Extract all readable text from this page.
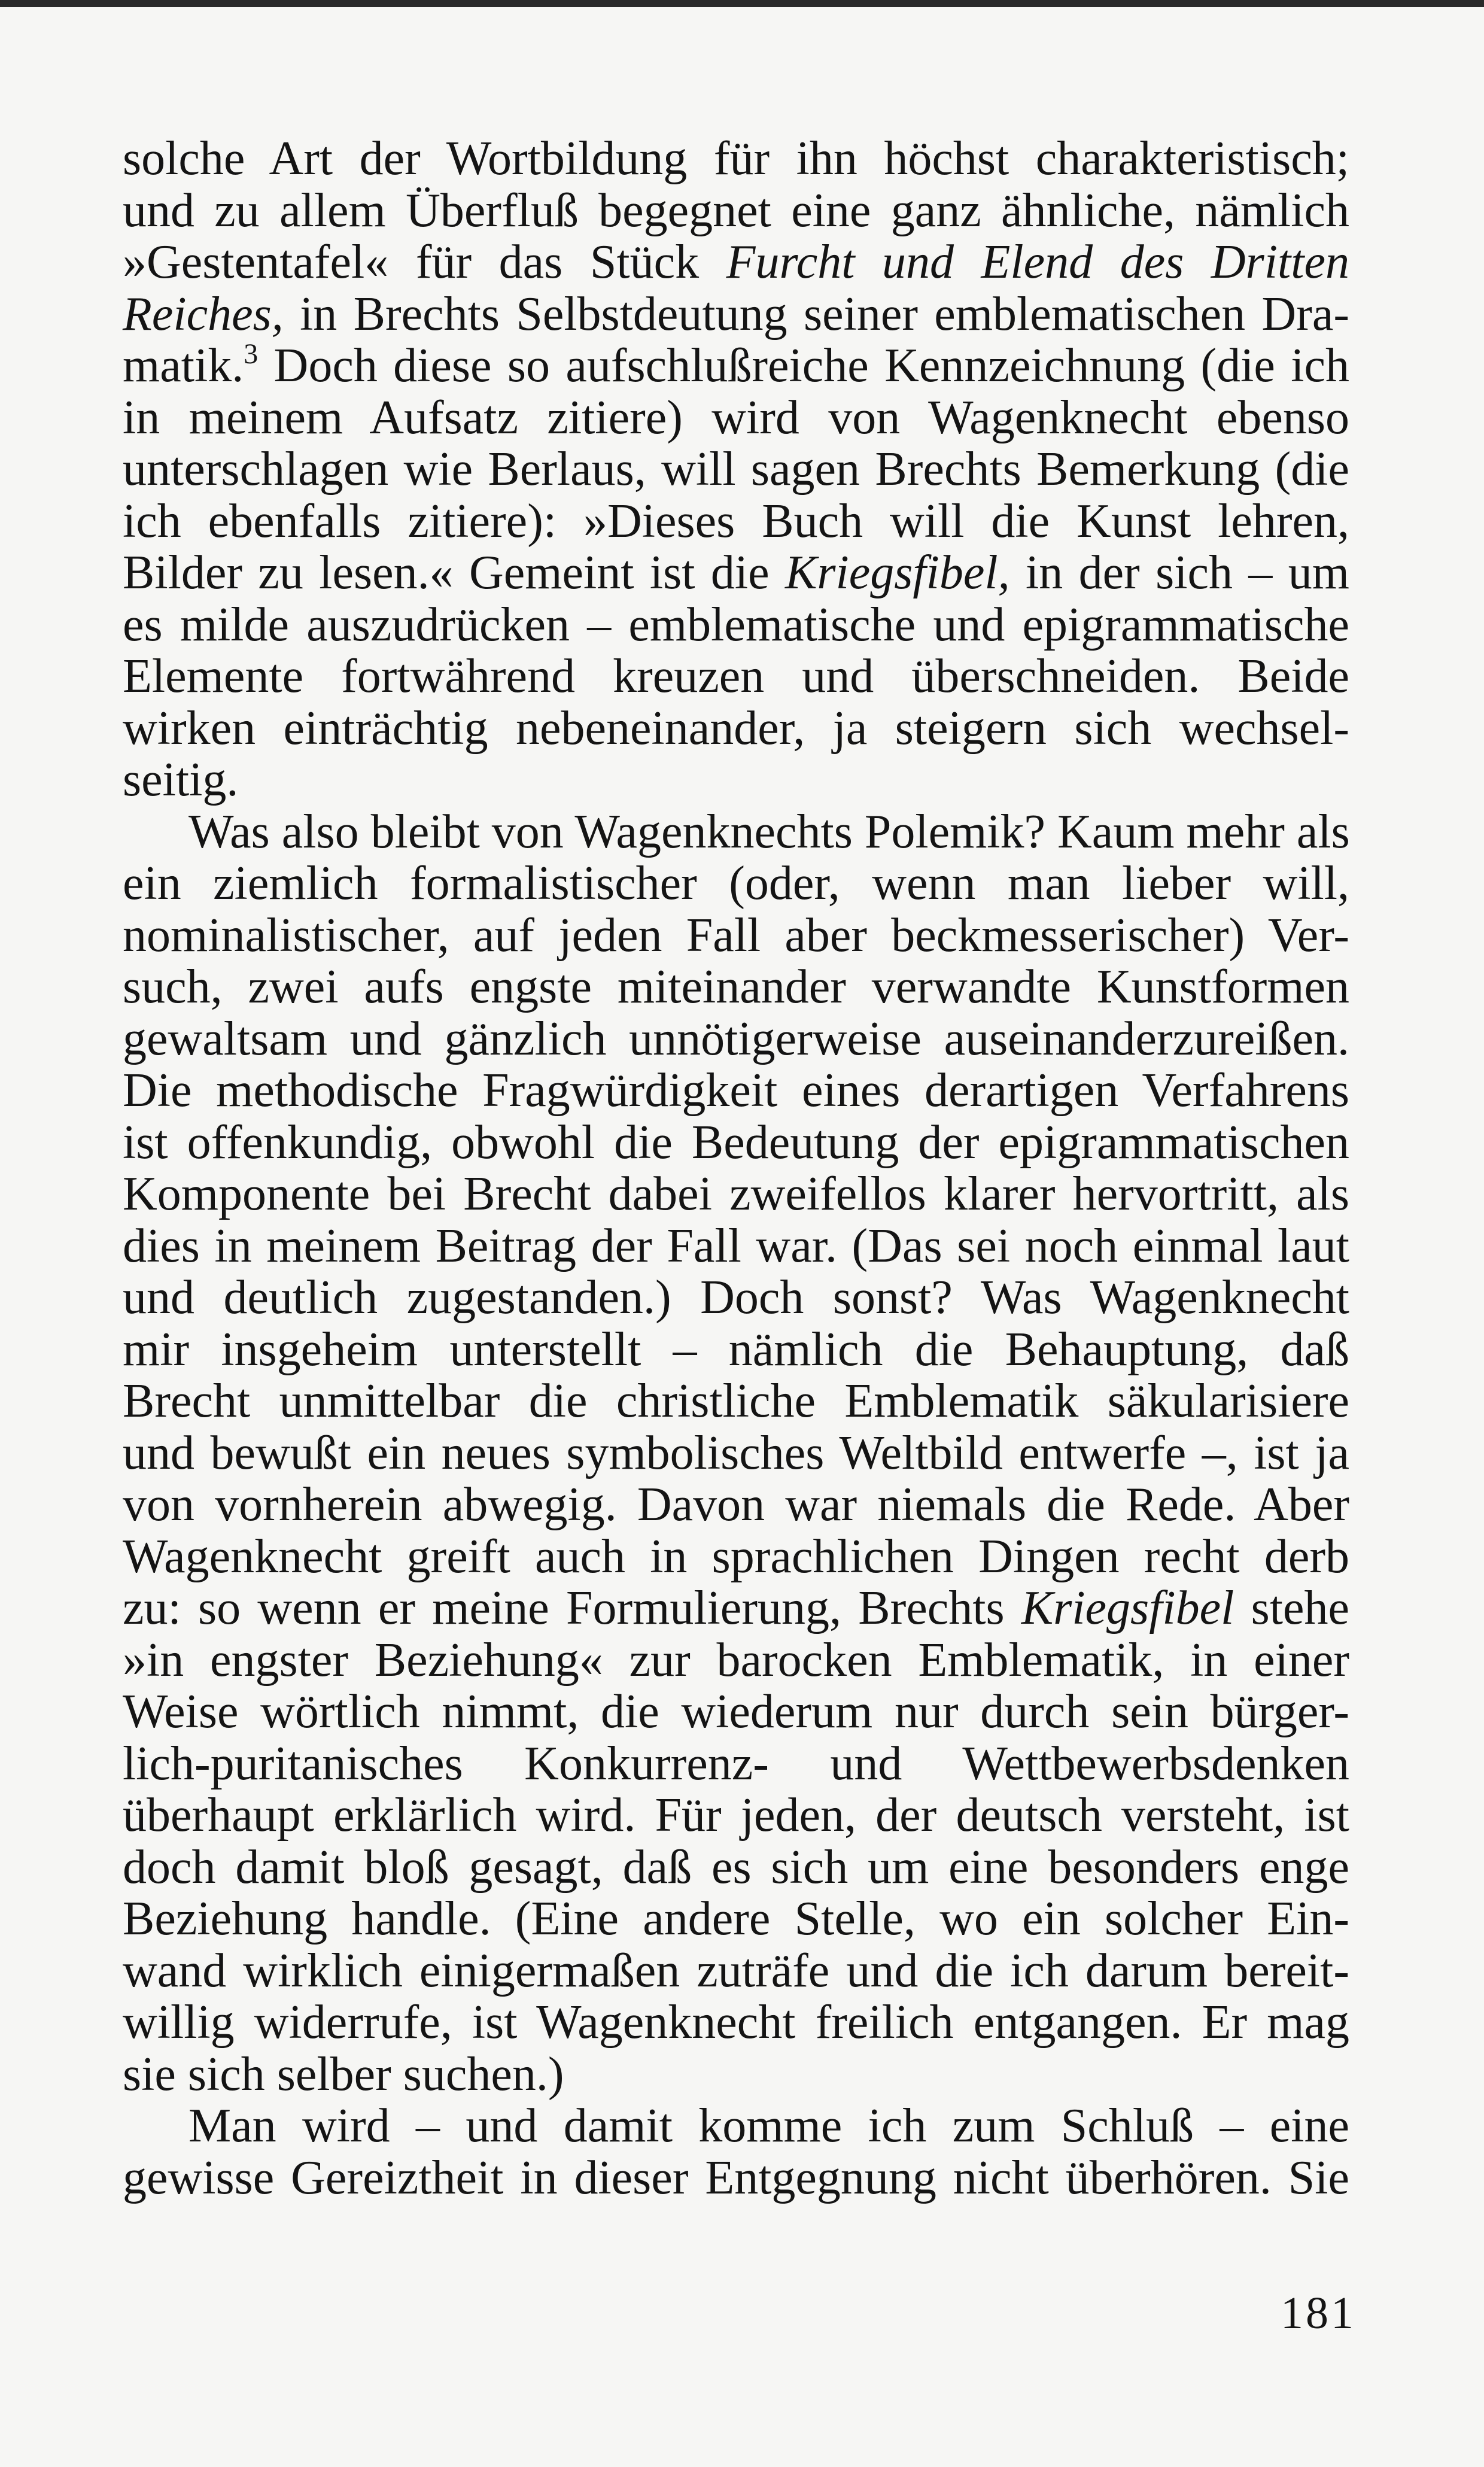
solche Art der Wortbildung für ihn höchst charakteristisch;
und zu allem Überfluß begegnet eine ganz ähnliche, nämlich
»Gestentafel« für das Stück Furcht und Elend des Dritten
Reiches, in Brechts Selbstdeutung seiner emblematischen Dra-
matik.$^3$ Doch diese so aufschlußreiche Kennzeichnung (die ich
in meinem Aufsatz zitiere) wird von Wagenknecht ebenso
unterschlagen wie Berlaus, will sagen Brechts Bemerkung (die
ich ebenfalls zitiere): »Dieses Buch will die Kunst lehren,
Bilder zu lesen.« Gemeint ist die Kriegsfibel, in der sich – um
es milde auszudrücken – emblematische und epigrammatische
Elemente fortwährend kreuzen und überschneiden. Beide
wirken einträchtig nebeneinander, ja steigern sich wechsel-
seitig.
Was also bleibt von Wagenknechts Polemik? Kaum mehr als
ein ziemlich formalistischer (oder, wenn man lieber will,
nominalistischer, auf jeden Fall aber beckmesserischer) Ver-
such, zwei aufs engste miteinander verwandte Kunstformen
gewaltsam und gänzlich unnötigerweise auseinanderzureißen.
Die methodische Fragwürdigkeit eines derartigen Verfahrens
ist offenkundig, obwohl die Bedeutung der epigrammatischen
Komponente bei Brecht dabei zweifellos klarer hervortritt, als
dies in meinem Beitrag der Fall war. (Das sei noch einmal laut
und deutlich zugestanden.) Doch sonst? Was Wagenknecht
mir insgeheim unterstellt – nämlich die Behauptung, daß
Brecht unmittelbar die christliche Emblematik säkularisiere
und bewußt ein neues symbolisches Weltbild entwerfe –, ist ja
von vornherein abwegig. Davon war niemals die Rede. Aber
Wagenknecht greift auch in sprachlichen Dingen recht derb
zu: so wenn er meine Formulierung, Brechts Kriegsfibel stehe
»in engster Beziehung« zur barocken Emblematik, in einer
Weise wörtlich nimmt, die wiederum nur durch sein bürger-
lich-puritanisches Konkurrenz- und Wettbewerbsdenken
überhaupt erklärlich wird. Für jeden, der deutsch versteht, ist
doch damit bloß gesagt, daß es sich um eine besonders enge
Beziehung handle. (Eine andere Stelle, wo ein solcher Ein-
wand wirklich einigermaßen zuträfe und die ich darum bereit-
willig widerrufe, ist Wagenknecht freilich entgangen. Er mag
sie sich selber suchen.)
Man wird – und damit komme ich zum Schluß – eine
gewisse Gereiztheit in dieser Entgegnung nicht überhören. Sie
181
